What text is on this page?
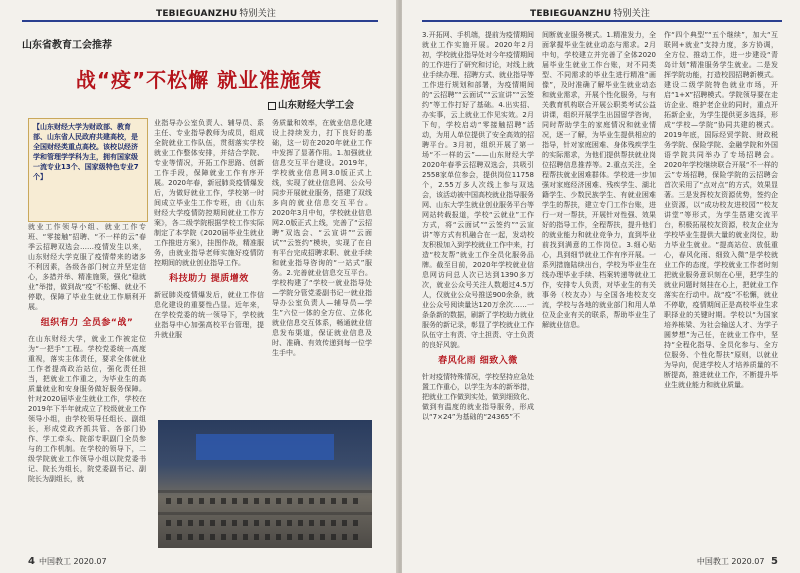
TEBIEGUANZHU 特别关注
山东省教育工会推荐
战“疫”不松懈 就业准施策
山东财经大学工会
【山东财经大学为财政部、教育部、山东省人民政府共建高校，是全国财经类重点高校。该校以经济学和管理学学科为主，拥有国家级一流专业13个、国家级特色专业7个】
就业工作领导小组、就业工作专班、“零接触”招聘、“不一样的云”春季云招聘双选会……疫情发生以来，山东财经大学克服了疫情带来的诸多不利因素，各级各部门树立并坚定信心，多措并举、精准施策，强化“稳就业”举措，做到战“疫”不松懈、就业不停歇，保障了毕业生就业工作顺利开展。
组织有力 全员参“战”
在山东财经大学，就业工作被定位为“一把手”工程。学校党委统一高度重视，落实主体责任，要求全体就业工作者提高政治站位，强化责任担当，把就业工作重之，为毕业生的高质量就业和安身服务做好服务保障。针对2020届毕业生就业工作，学校在2019年下半年就成立了校级就业工作领导小组，由学校领导任组长、副组长，形成党政齐抓共管、各部门协作、学工牵头、院部专职副门全员参与的工作机制。在学校的领导下，二级学院就业工作领导小组以院党委书记、院长为组长，院党委副书记、副院长为副组长，就
业指导办公室负责人、辅导员、系主任、专业指导教师为成员，组成全院就业工作队伍，贯彻落实学校就业工作整体安排，并结合学院、专业等情况，开拓工作思路、创新工作手段，保障就业工作有序开展。2020年春，新冠肺炎疫情爆发后，为做好就业工作，学校第一时间成立毕业生工作专班，由《山东财经大学疫情防控期间就业工作方案》，各二级学院根据学校工作实际制定了本学院《2020届毕业生就业工作推进方案》，挂图作战，精准服务，由就业指导老师实施好疫情防控期间的就业创业指导工作。
科技助力 提质增效
新冠肺炎疫情爆发后，就业工作信息化建设的重要性凸显。近年来，在学校党委的统一领导下，学校就业指导中心加强高校平台管理，提升就业服
务质量和效率，在就业信息化建设上持续发力，打下良好的基础，这一切在2020年就业工作中发挥了显著作用。1.加强就业信息交互平台建设。2019年，学校就业信息网3.0版正式上线，实现了就业信息网、公众号同步开展就业服务，搭建了双线多向的就业信息交互平台。2020年3月中旬，学校就业信息网2.0版正式上线，完善了“云招聘”双选会、“云宣讲”“云面试”“云签约”模块，实现了在自有平台完成招聘求职、就业手续和就业指导咨询的“一站式”服务。2.完善就业信息交互平台。学校构建了“学校一就业指导处—学院分管党委副书记一就业指导办公室负责人—辅导员—学生”六位一体的全方位、立体化就业信息交互体系，畅通就业信息发布渠道，保证就业信息及时、准确、有效传递到每一位学生手中。
4 中国教工 2020.07
TEBIEGUANZHU 特别关注
3.开拓网、手机端，提前为疫情期间就业工作实施开展。2020年2月初，学校就业指导处对今年疫情期间的工作进行了研究和讨论，对线上就业手续办理、招聘方式、就业指导等工作进行规划和部署，为疫情期间的“云招聘”“云面试”“云宣讲”“云签约”等工作打好了基础。4.出实招、办实事，云上就业工作见实效。2月下旬，学校启动“零接触招聘”活动，为用人单位提供了安全高效的招聘平台。3月初，组织开展了第一场“不一样的云”——山东财经大学2020年春季云招聘双选会，共吸引2558家单位参会，提供岗位11758个，2.55万多人次线上参与双选会，该活动被中国高校就业指导服务网、山东大学生就业创业服务平台等网站转载报道，学校“云就业”工作方式，将“云面试”“云签约”“云宣讲”等方式有机融合在一起，发动校友积极加入到学校就业工作中来，打造“校友帮”就业工作全员化服务品牌。截至目前，2020年学校就业信息网访问总人次已达到1390多万次，就业公众号关注人数超过4.5万人，仅就业公众号推送900余条，就业公众号阅读量达120万余次……一条条新的数据，刷新了学校助力就业服务的新记录，彰显了学校就业工作队伍守土有责、守土担责、守土负责的良好风貌。
春风化雨 细致入微
针对疫情特殊情况，学校坚持应急处置工作重心，以学生为本的新举措，把就业工作做到实处，做到细致化、做到有温度的就业指导服务，形成以“7×24”为基础的“24365”不
间断就业服务模式。1.精准发力，全面掌握毕业生就业动态与需求。2月中旬，学校建立并完善了全体2020届毕业生就业工作台账，对不同类型、不同需求的毕业生进行精准“画像”，及时准确了解毕业生就业动态和就业需求，开展个性化服务，与有关教育机构联合开展公职类考试公益讲课，组织开展学生出国留学咨询，同时帮助学生的家庭情况和就业情况，逐一了解，为毕业生提供相应的指导，针对家庭困难、身体残疾学生的实际需求，为他们提供帮扶就业岗位招聘信息推荐等。2.重点关注，全程帮扶就业困难群体。学校进一步加强对家庭经济困难、残疾学生、湖北籍学生、少数民族学生、有就业困难学生的帮扶，建立专门工作台账，进行一对一帮扶，开展针对性强、效果好的指导工作，全程帮扶，提升他们的就业能力和就业竞争力，直到毕业前找到满意的工作岗位。3.细心贴心，具到细节就业工作有序开展。一系列措施陆续出台，学校为毕业生在线办理毕业手续、档案转递等就业工作，安排专人负责，对毕业生的有关事务（校友办）与全国各地校友交流，学校与各地的就业部门和用人单位及企业有关的联系，帮助毕业生了解就业信息。
作“四个典型”“五个继续”，加大“互联网+就业”支持力度，多方协调，全方位、推动工作，进一步建设“青岛计划”精准服务学生就业。二是发挥学院功能，打造校园招聘新模式。建设二级学院特色就业市场，开启“1+X”招聘模式。学院领导要在走访企业、维护老企业的同时，重点开拓新企业，为学生提供更多选择，形成“学校—学院”协同共建的模式。2019年底，国际经贸学院、财政税务学院、保险学院、金融学院和外国语学院共同举办了专场招聘会。2020年学校继续联合开展“不一样的云”专场招聘，保险学院的云招聘会首次采用了“点对点”的方式，效果显著。三是发挥校友资源优势，签约企业资源，以“成功校友进校园”“校友讲堂”等形式，为学生搭建交流平台，积极拓展校友资源，校友企业为学校毕业生提供大量的就业岗位，助力毕业生就业。“提高站位、放低重心，春风化雨、细致入微”是学校就业工作的态度，学校就业工作者时刻把就业服务意识刻在心里，把学生的就业问题时刻挂在心上，把就业工作落实在行动中。战“疫”不松懈，就业不停歇，疫情期间正是高校毕业生求职择业的关键时期。学校以“为国家培养栋梁、为社会输送人才、为学子圆梦想”为己任，在就业工作中，坚持“全程化指导、全员化参与、全方位服务、个性化帮扶”原则，以就业为导向，促进学校人才培养质量的不断提高，推进就业工作，不断提升毕业生就业能力和就业质量。
中国教工 2020.07 5
